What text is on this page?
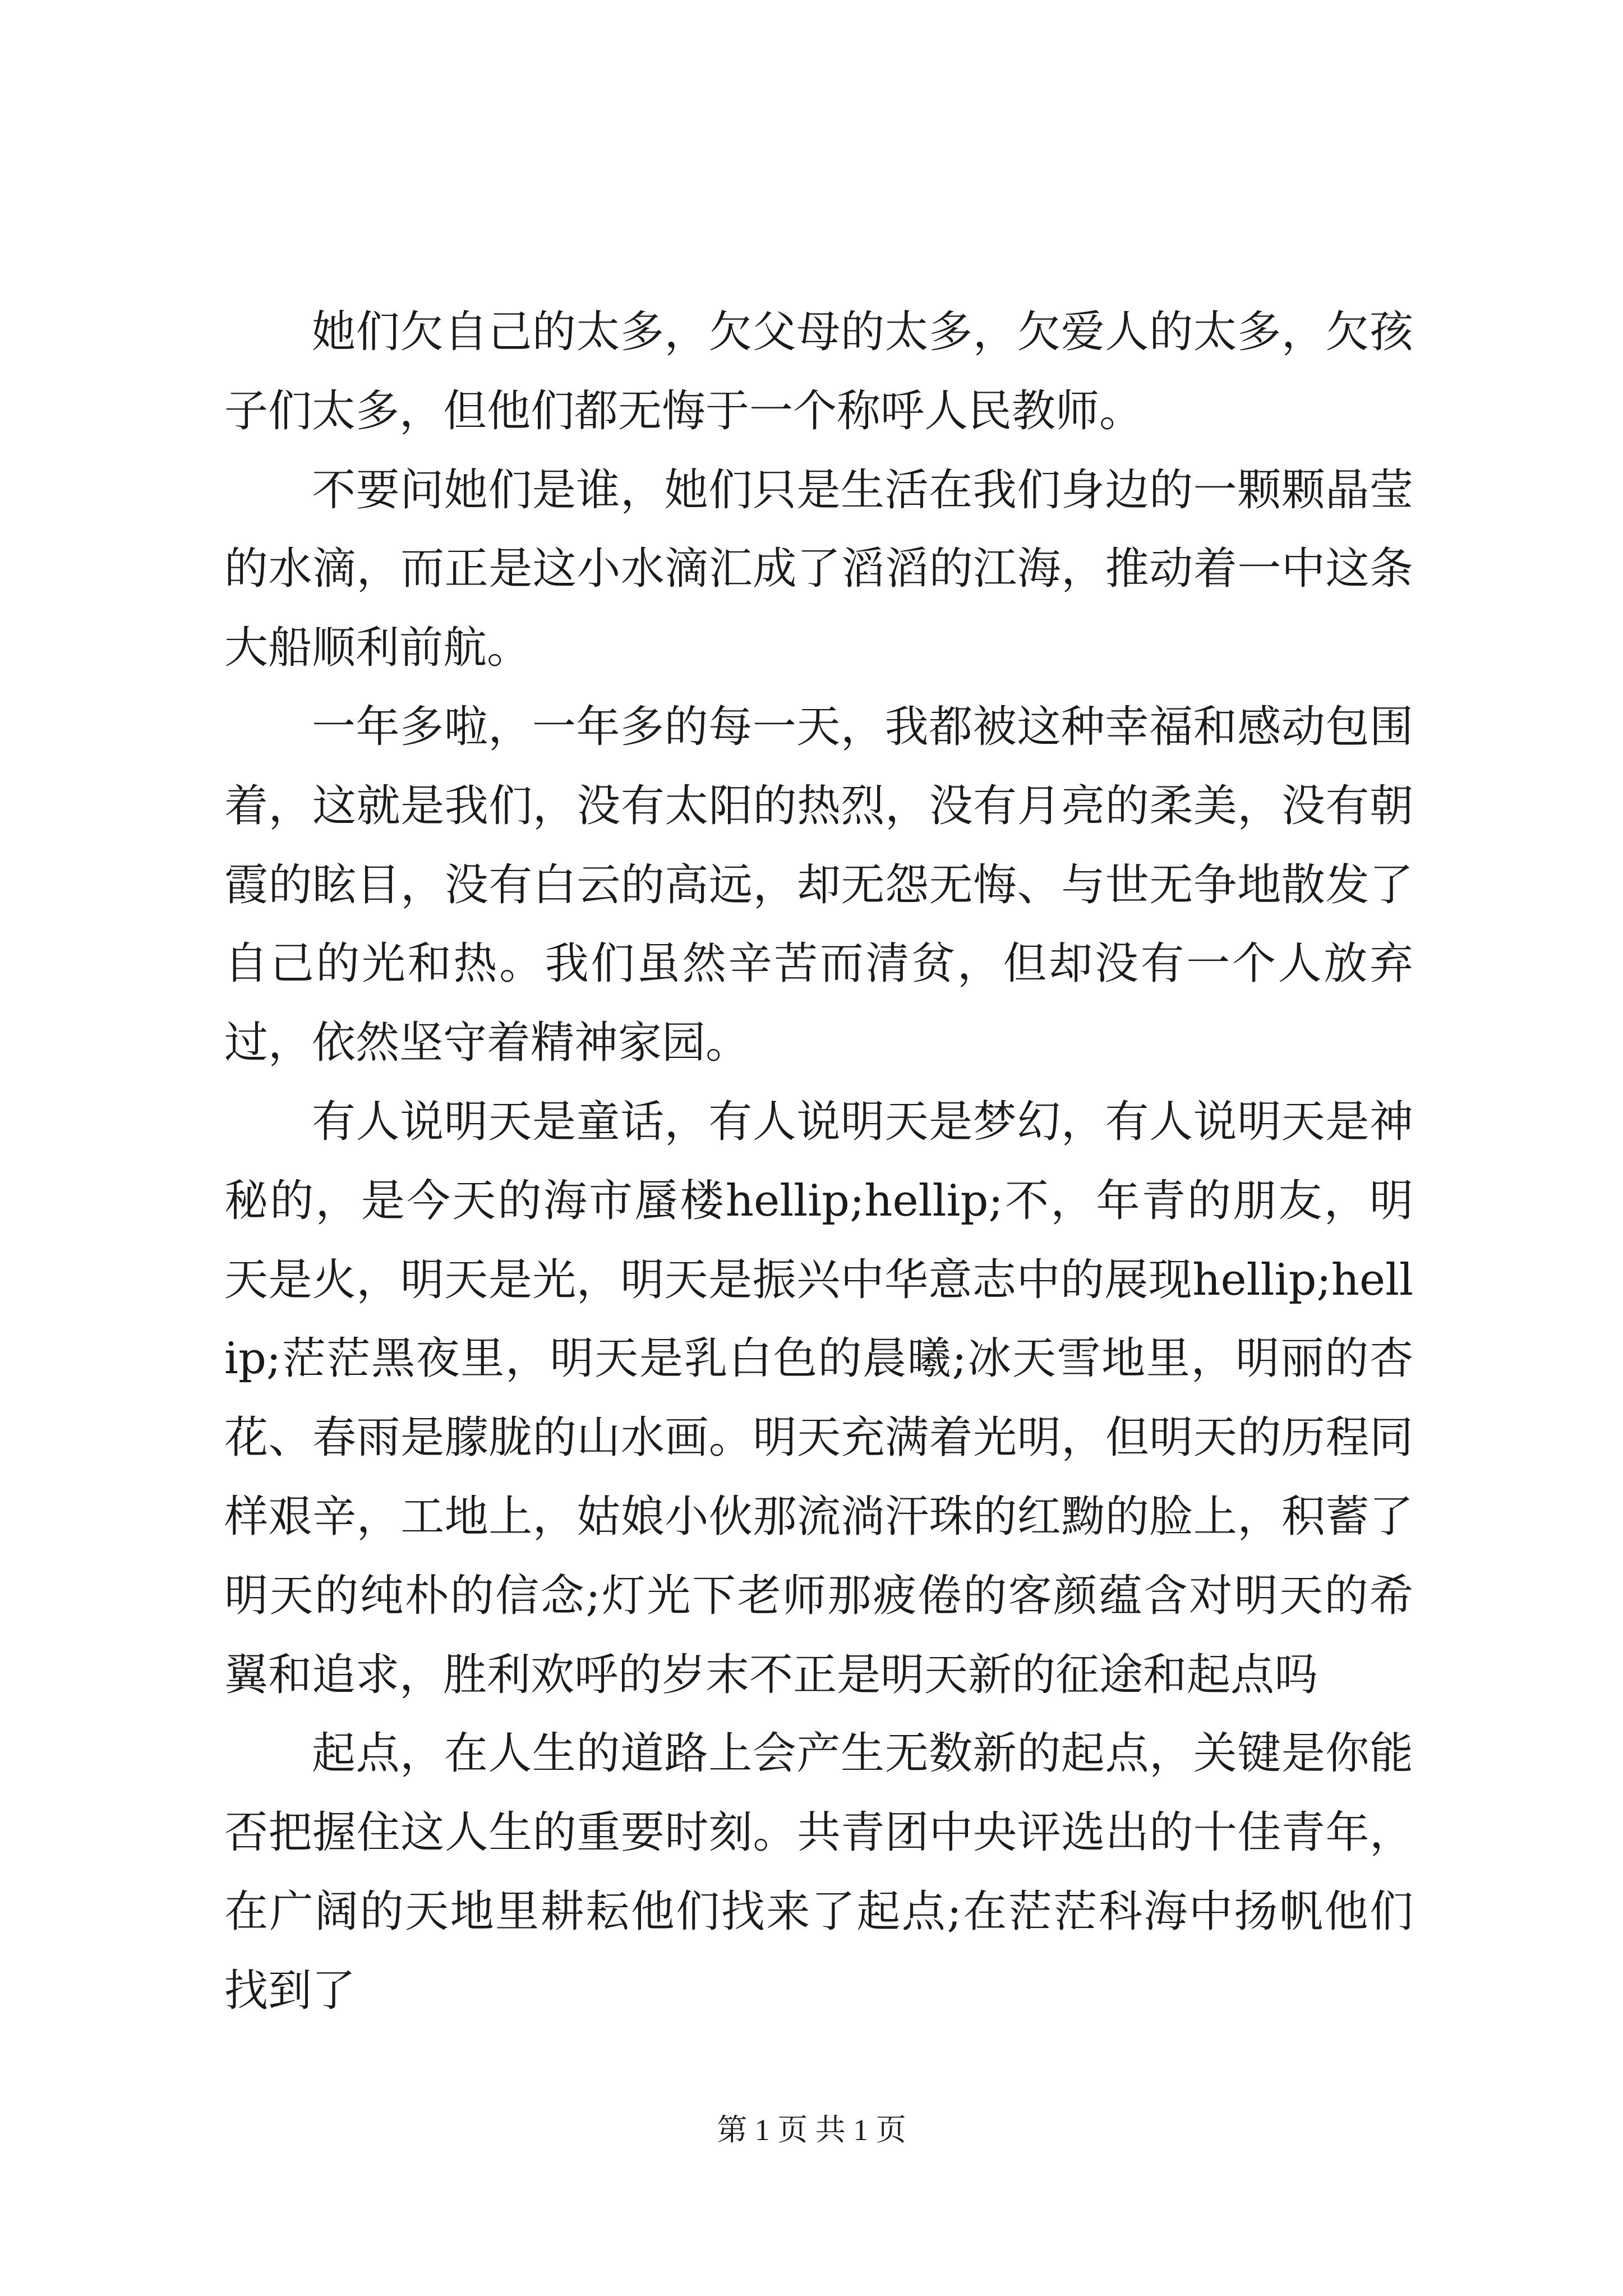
她们欠自己的太多，欠父母的太多，欠爱人的太多，欠孩子们太多，但他们都无悔于一个称呼人民教师。

不要问她们是谁，她们只是生活在我们身边的一颗颗晶莹的水滴，而正是这小水滴汇成了滔滔的江海，推动着一中这条大船顺利前航。

一年多啦，一年多的每一天，我都被这种幸福和感动包围着，这就是我们，没有太阳的热烈，没有月亮的柔美，没有朝霞的眩目，没有白云的高远，却无怨无悔、与世无争地散发了自己的光和热。我们虽然辛苦而清贫，但却没有一个人放弃过，依然坚守着精神家园。

有人说明天是童话，有人说明天是梦幻，有人说明天是神秘的，是今天的海市蜃楼hellip;hellip;不，年青的朋友，明天是火，明天是光，明天是振兴中华意志中的展现hellip;hellip;茫茫黑夜里，明天是乳白色的晨曦;冰天雪地里，明丽的杏花、春雨是朦胧的山水画。明天充满着光明，但明天的历程同样艰辛，工地上，姑娘小伙那流淌汗珠的红黝的脸上，积蓄了明天的纯朴的信念;灯光下老师那疲倦的客颜蕴含对明天的希翼和追求，胜利欢呼的岁末不正是明天新的征途和起点吗

起点，在人生的道路上会产生无数新的起点，关键是你能否把握住这人生的重要时刻。共青团中央评选出的十佳青年，在广阔的天地里耕耘他们找来了起点;在茫茫科海中扬帆他们找到了

第 1 页 共 1 页
